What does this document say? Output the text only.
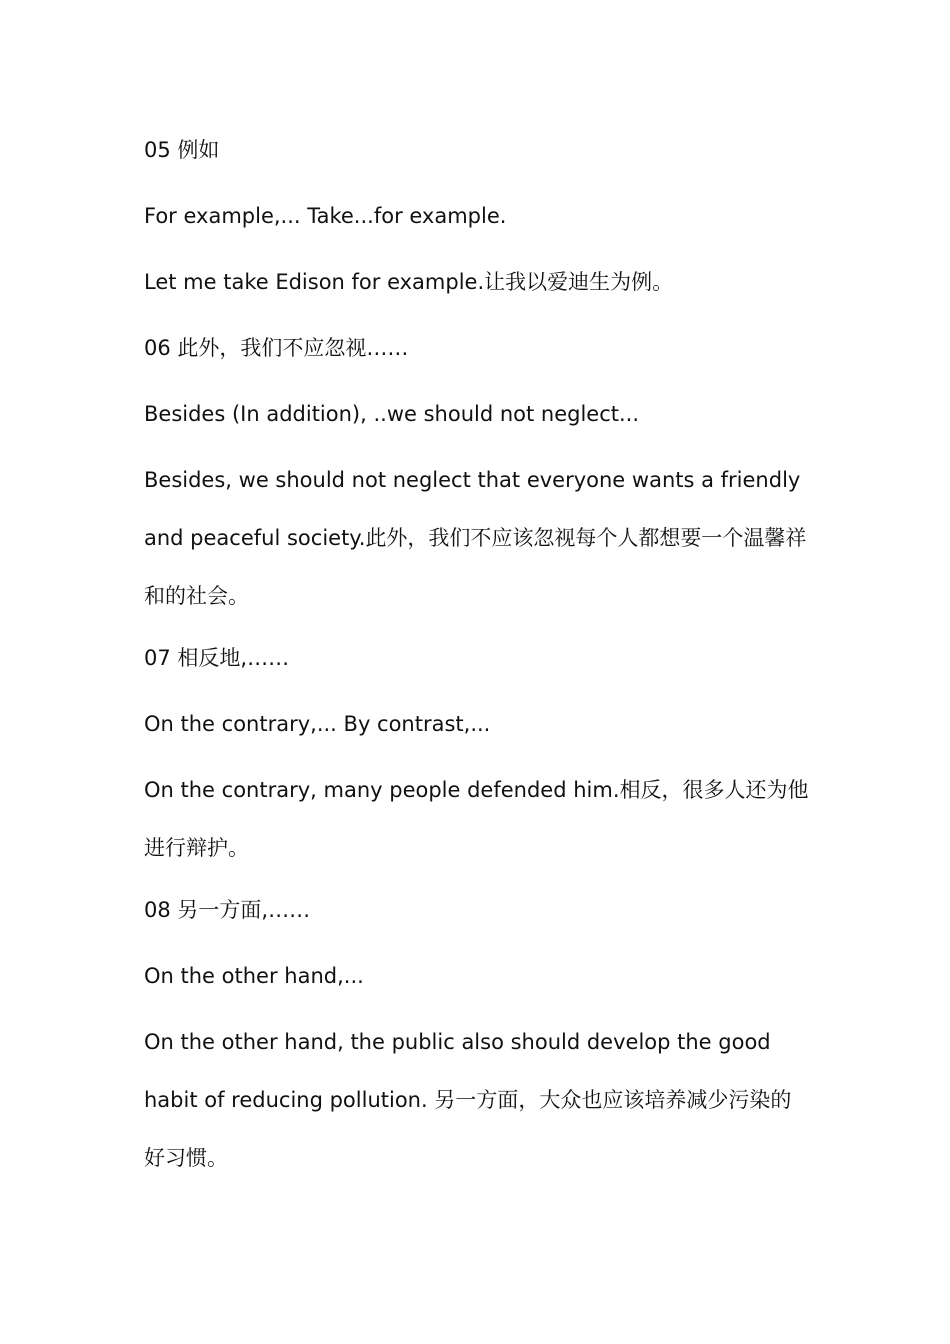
05 例如

For example,... Take...for example.

Let me take Edison for example.让我以爱迪生为例。

06 此外，我们不应忽视……

Besides (In addition), ..we should not neglect...

Besides, we should not neglect that everyone wants a friendly and peaceful society.此外，我们不应该忽视每个人都想要一个温馨祥和的社会。

07 相反地,……

On the contrary,... By contrast,...

On the contrary, many people defended him.相反，很多人还为他进行辩护。

08 另一方面,……

On the other hand,...

On the other hand, the public also should develop the good habit of reducing pollution. 另一方面，大众也应该培养减少污染的好习惯。
